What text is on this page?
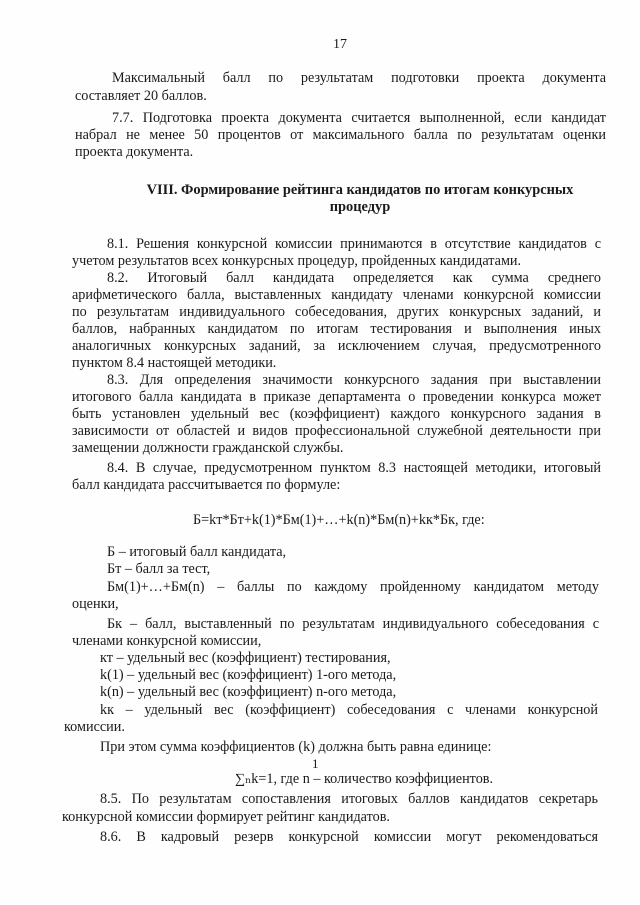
17
Максимальный балл по результатам подготовки проекта документа
составляет 20 баллов.
7.7. Подготовка проекта документа считается выполненной, если кандидат
набрал не менее 50 процентов от максимального балла по результатам оценки
проекта документа.
VIII. Формирование рейтинга кандидатов по итогам конкурсных
процедур
8.1. Решения конкурсной комиссии принимаются в отсутствие кандидатов с
учетом результатов всех конкурсных процедур, пройденных кандидатами.
8.2. Итоговый балл кандидата определяется как сумма среднего
арифметического балла, выставленных кандидату членами конкурсной комиссии
по результатам индивидуального собеседования, других конкурсных заданий, и
баллов, набранных кандидатом по итогам тестирования и выполнения иных
аналогичных конкурсных заданий, за исключением случая, предусмотренного
пунктом 8.4 настоящей методики.
8.3. Для определения значимости конкурсного задания при выставлении
итогового балла кандидата в приказе департамента о проведении конкурса может
быть установлен удельный вес (коэффициент) каждого конкурсного задания в
зависимости от областей и видов профессиональной служебной деятельности при
замещении должности гражданской службы.
8.4. В случае, предусмотренном пунктом 8.3 настоящей методики, итоговый
балл кандидата рассчитывается по формуле:
Б=kт*Бт+k(1)*Бм(1)+…+k(n)*Бм(n)+kк*Бк, где:
Б – итоговый балл кандидата,
Бт – балл за тест,
Бм(1)+…+Бм(n) – баллы по каждому пройденному кандидатом методу
оценки,
Бк – балл, выставленный по результатам индивидуального собеседования с
членами конкурсной комиссии,
кт – удельный вес (коэффициент) тестирования,
k(1) – удельный вес (коэффициент) 1-ого метода,
k(n) – удельный вес (коэффициент) n-ого метода,
kк – удельный вес (коэффициент) собеседования с членами конкурсной
комиссии.
При этом сумма коэффициентов (k) должна быть равна единице:
1
∑ₙk=1, где n – количество коэффициентов.
8.5. По результатам сопоставления итоговых баллов кандидатов секретарь
конкурсной комиссии формирует рейтинг кандидатов.
8.6. В кадровый резерв конкурсной комиссии могут рекомендоваться
